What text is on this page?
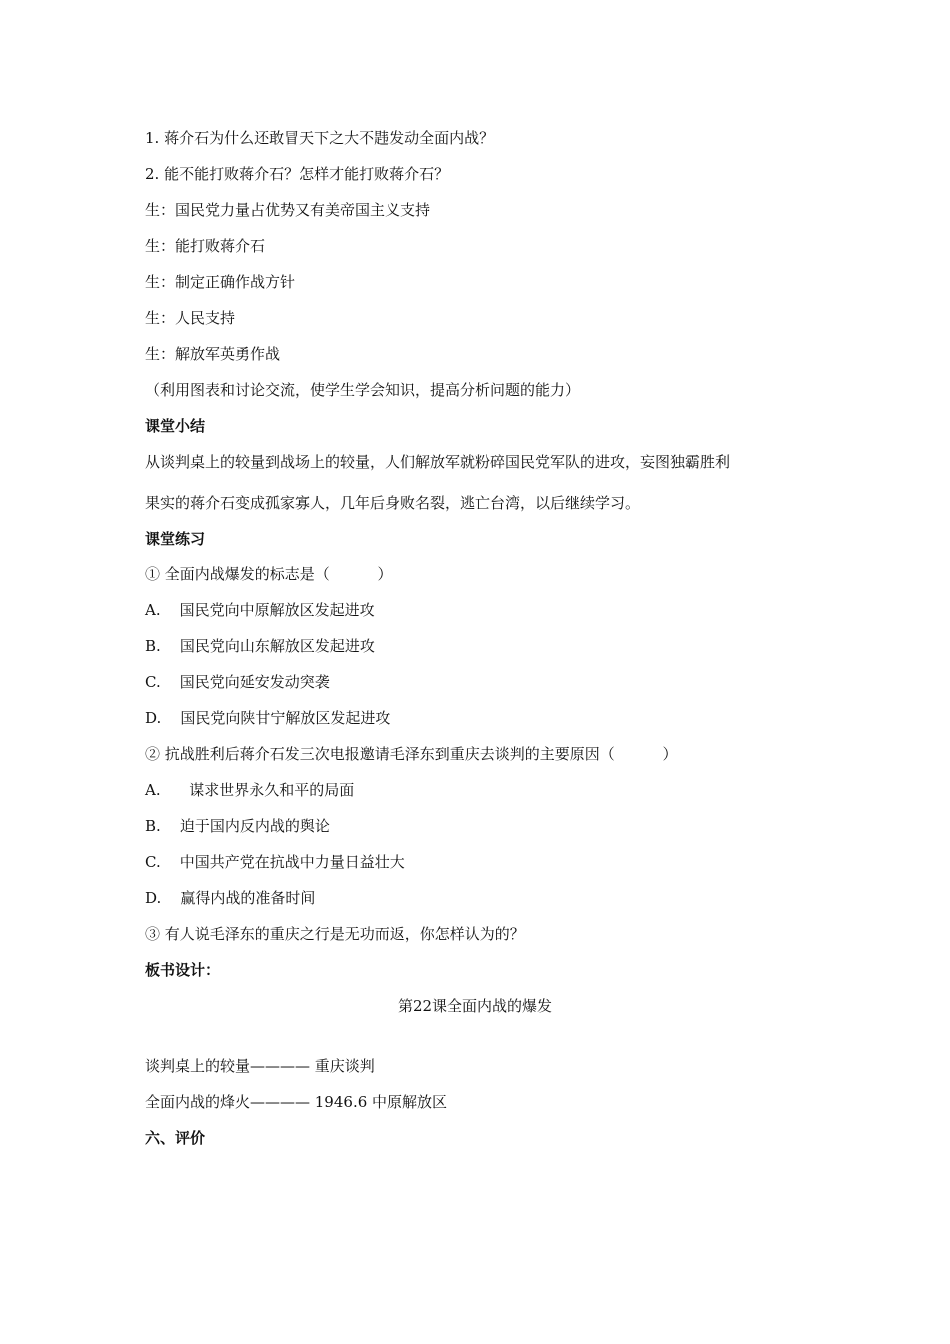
1. 蒋介石为什么还敢冒天下之大不韪发动全面内战？
2. 能不能打败蒋介石？怎样才能打败蒋介石？
生：国民党力量占优势又有美帝国主义支持
生：能打败蒋介石
生：制定正确作战方针
生：人民支持
生：解放军英勇作战
（利用图表和讨论交流，使学生学会知识，提高分析问题的能力）
课堂小结
从谈判桌上的较量到战场上的较量，人们解放军就粉碎国民党军队的进攻，妄图独霸胜利
果实的蒋介石变成孤家寡人，几年后身败名裂，逃亡台湾，以后继续学习。
课堂练习
① 全面内战爆发的标志是（          ）
A.    国民党向中原解放区发起进攻
B.    国民党向山东解放区发起进攻
C.    国民党向延安发动突袭
D.    国民党向陕甘宁解放区发起进攻
② 抗战胜利后蒋介石发三次电报邀请毛泽东到重庆去谈判的主要原因（          ）
A.      谋求世界永久和平的局面
B.    迫于国内反内战的舆论
C.    中国共产党在抗战中力量日益壮大
D.    赢得内战的准备时间
③ 有人说毛泽东的重庆之行是无功而返，你怎样认为的？
板书设计：
第22课全面内战的爆发
谈判桌上的较量———— 重庆谈判
全面内战的烽火———— 1946.6 中原解放区
六、评价
